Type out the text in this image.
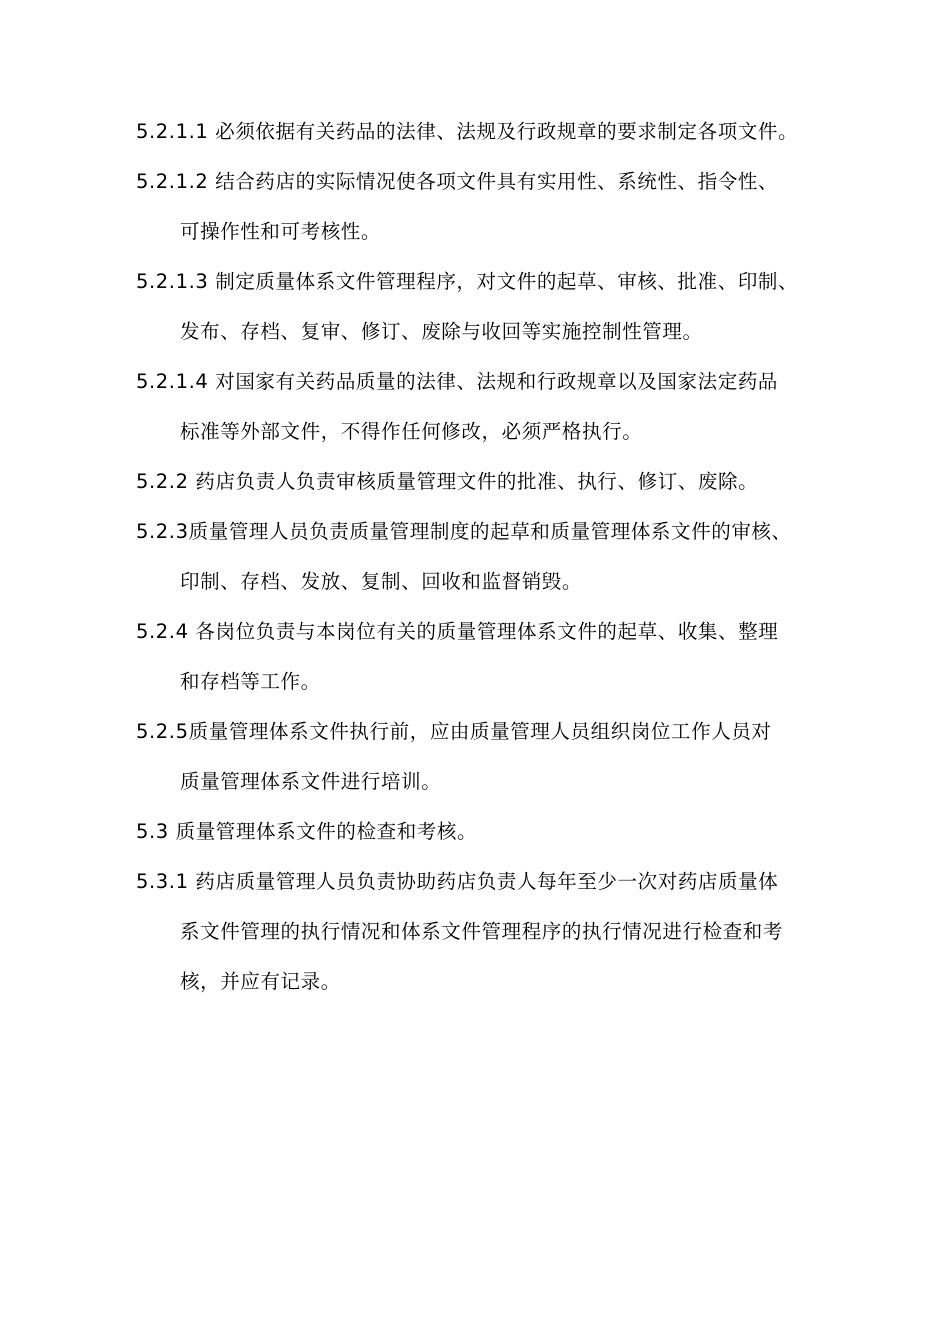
5.2.1.1 必须依据有关药品的法律、法规及行政规章的要求制定各项文件。
5.2.1.2 结合药店的实际情况使各项文件具有实用性、系统性、指令性、
可操作性和可考核性。
5.2.1.3 制定质量体系文件管理程序，对文件的起草、审核、批准、印制、
发布、存档、复审、修订、废除与收回等实施控制性管理。
5.2.1.4 对国家有关药品质量的法律、法规和行政规章以及国家法定药品
标准等外部文件，不得作任何修改，必须严格执行。
5.2.2 药店负责人负责审核质量管理文件的批准、执行、修订、废除。
5.2.3质量管理人员负责质量管理制度的起草和质量管理体系文件的审核、
印制、存档、发放、复制、回收和监督销毁。
5.2.4 各岗位负责与本岗位有关的质量管理体系文件的起草、收集、整理
和存档等工作。
5.2.5质量管理体系文件执行前，应由质量管理人员组织岗位工作人员对
质量管理体系文件进行培训。
5.3 质量管理体系文件的检查和考核。
5.3.1 药店质量管理人员负责协助药店负责人每年至少一次对药店质量体
系文件管理的执行情况和体系文件管理程序的执行情况进行检查和考
核，并应有记录。
